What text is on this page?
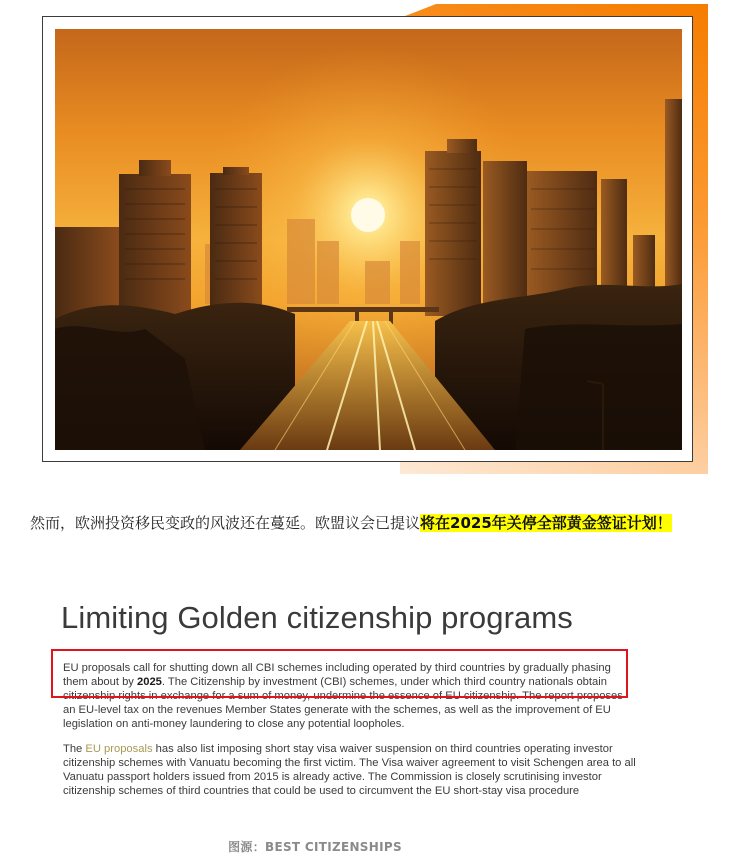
然而，欧洲投资移民变政的风波还在蔓延。欧盟议会已提议将在2025年关停全部黄金签证计划！
Limiting Golden citizenship programs

EU proposals call for shutting down all CBI schemes including operated by third countries by gradually phasing them about by 2025. The Citizenship by investment (CBI) schemes, under which third country nationals obtain citizenship rights in exchange for a sum of money, undermine the essence of EU citizenship. The report proposes an EU-level tax on the revenues Member States generate with the schemes, as well as the improvement of EU legislation on anti-money laundering to close any potential loopholes.

The EU proposals has also list imposing short stay visa waiver suspension on third countries operating investor citizenship schemes with Vanuatu becoming the first victim. The Visa waiver agreement to visit Schengen area to all Vanuatu passport holders issued from 2015 is already active. The Commission is closely scrutinising investor citizenship schemes of third countries that could be used to circumvent the EU short-stay visa procedure

图源：BEST CITIZENSHIPS
